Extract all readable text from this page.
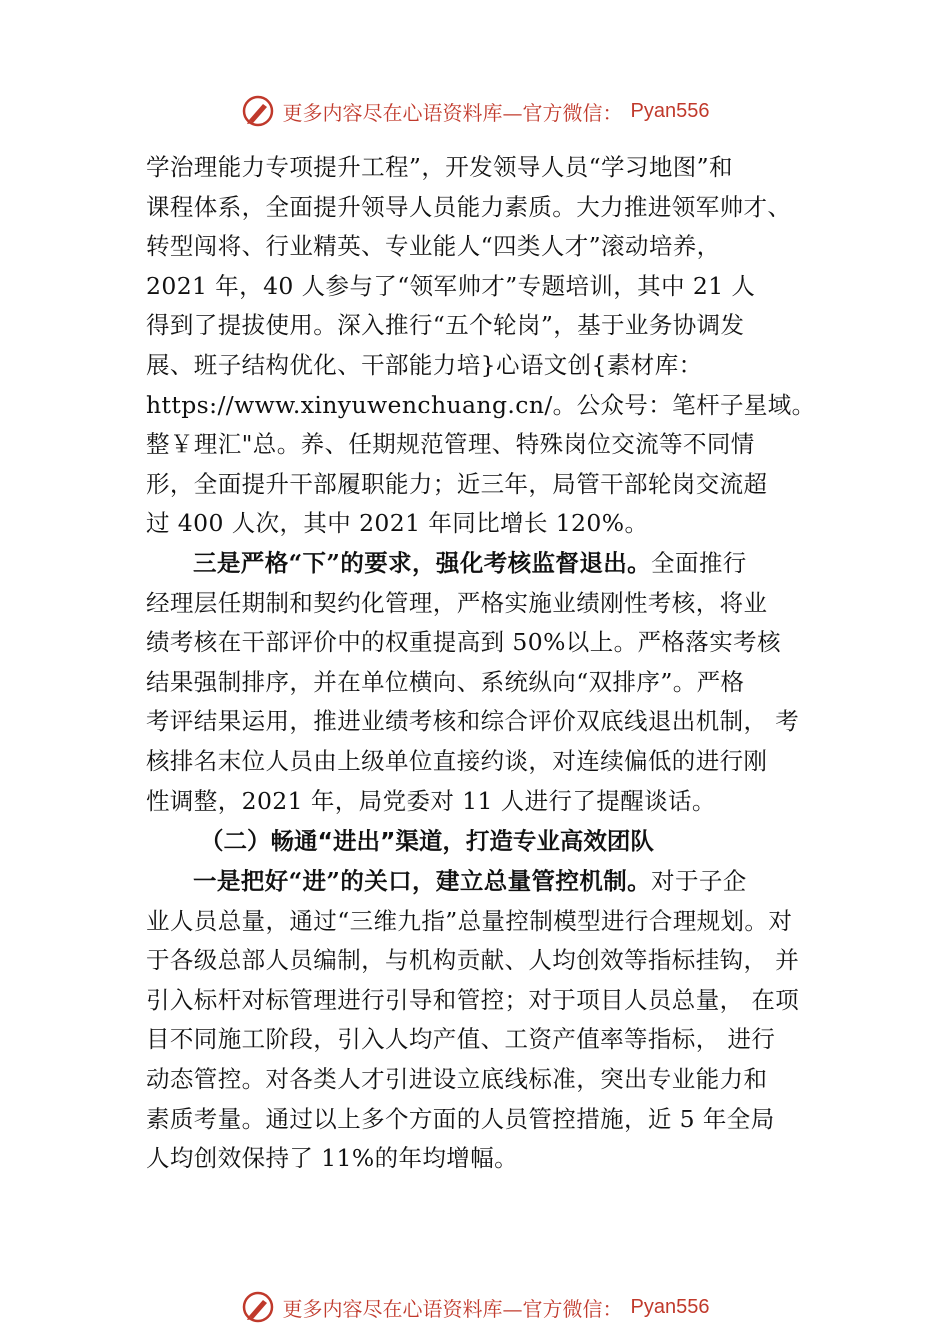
更多内容尽在心语资料库—官方微信： Pyan556

学治理能力专项提升工程”，开发领导人员“学习地图”和
课程体系，全面提升领导人员能力素质。大力推进领军帅才、
转型闯将、行业精英、专业能人“四类人才”滚动培养，
2021 年，40 人参与了“领军帅才”专题培训，其中 21 人
得到了提拔使用。深入推行“五个轮岗”，基于业务协调发
展、班子结构优化、干部能力培}心语文创{素材库：
https://www.xinyuwenchuang.cn/。公众号：笔杆子星域。
整￥理汇"总。养、任期规范管理、特殊岗位交流等不同情
形，全面提升干部履职能力；近三年，局管干部轮岗交流超
过 400 人次，其中 2021 年同比增长 120%。

三是严格“下”的要求，强化考核监督退出。全面推行
经理层任期制和契约化管理，严格实施业绩刚性考核，将业
绩考核在干部评价中的权重提高到 50%以上。严格落实考核
结果强制排序，并在单位横向、系统纵向“双排序”。严格
考评结果运用，推进业绩考核和综合评价双底线退出机制， 考
核排名末位人员由上级单位直接约谈，对连续偏低的进行刚
性调整，2021 年，局党委对 11 人进行了提醒谈话。

（二）畅通“进出”渠道，打造专业高效团队

一是把好“进”的关口，建立总量管控机制。对于子企
业人员总量，通过“三维九指”总量控制模型进行合理规划。对
于各级总部人员编制，与机构贡献、人均创效等指标挂钩， 并
引入标杆对标管理进行引导和管控；对于项目人员总量， 在项
目不同施工阶段，引入人均产值、工资产值率等指标， 进行
动态管控。对各类人才引进设立底线标准，突出专业能力和
素质考量。通过以上多个方面的人员管控措施，近 5 年全局
人均创效保持了 11%的年均增幅。

更多内容尽在心语资料库—官方微信： Pyan556
